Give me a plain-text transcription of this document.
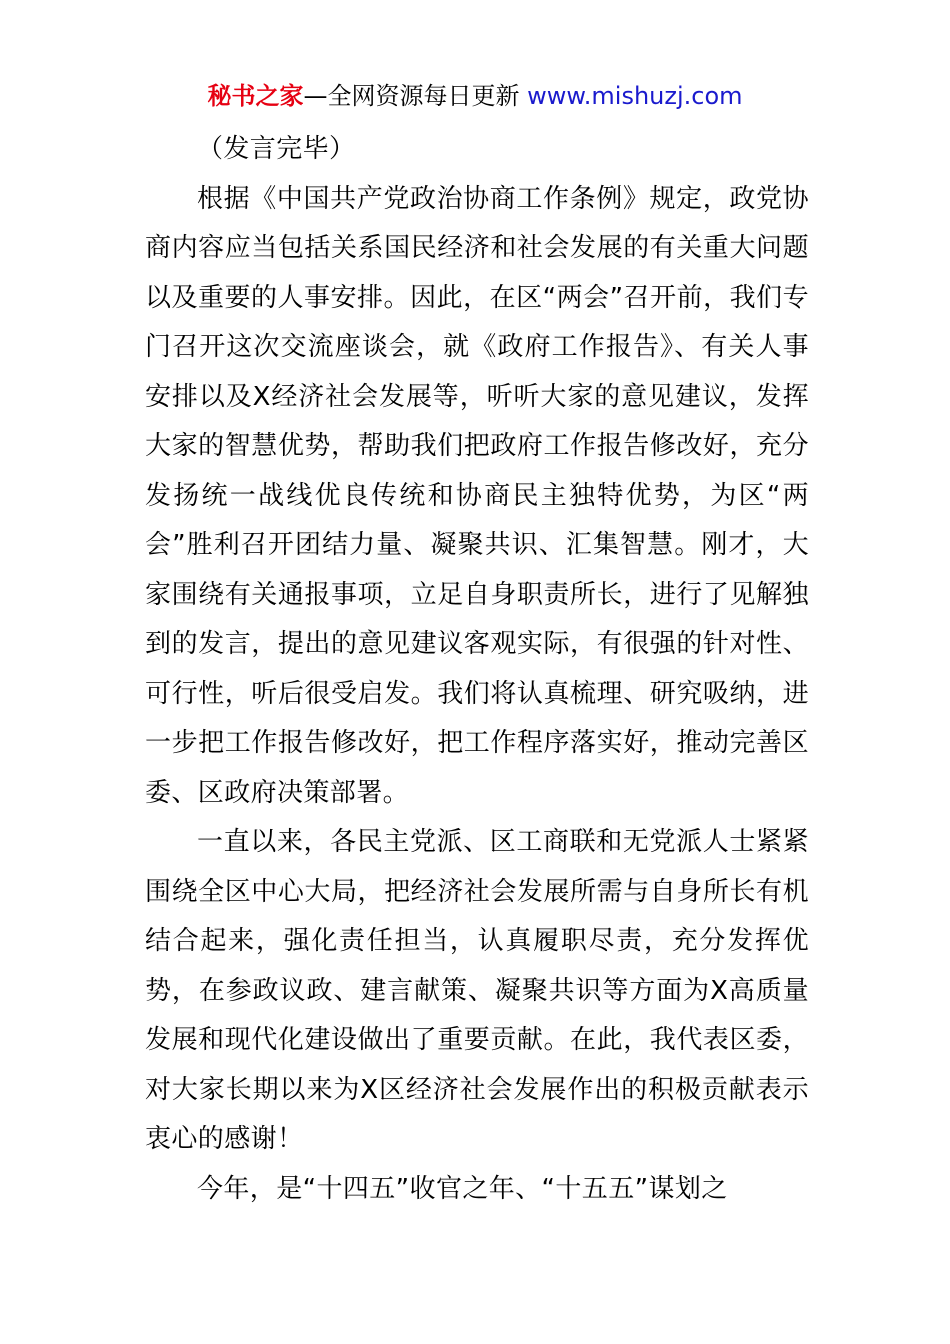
秘书之家—全网资源每日更新 www.mishuzj.com

（发言完毕）

根据《中国共产党政治协商工作条例》规定，政党协商内容应当包括关系国民经济和社会发展的有关重大问题以及重要的人事安排。因此，在区“两会”召开前，我们专门召开这次交流座谈会，就《政府工作报告》、有关人事安排以及X经济社会发展等，听听大家的意见建议，发挥大家的智慧优势，帮助我们把政府工作报告修改好，充分发扬统一战线优良传统和协商民主独特优势，为区“两会”胜利召开团结力量、凝聚共识、汇集智慧。刚才，大家围绕有关通报事项，立足自身职责所长，进行了见解独到的发言，提出的意见建议客观实际，有很强的针对性、可行性，听后很受启发。我们将认真梳理、研究吸纳，进一步把工作报告修改好，把工作程序落实好，推动完善区委、区政府决策部署。

一直以来，各民主党派、区工商联和无党派人士紧紧围绕全区中心大局，把经济社会发展所需与自身所长有机结合起来，强化责任担当，认真履职尽责，充分发挥优势，在参政议政、建言献策、凝聚共识等方面为X高质量发展和现代化建设做出了重要贡献。在此，我代表区委，对大家长期以来为X区经济社会发展作出的积极贡献表示衷心的感谢！

今年，是“十四五”收官之年、“十五五”谋划之
